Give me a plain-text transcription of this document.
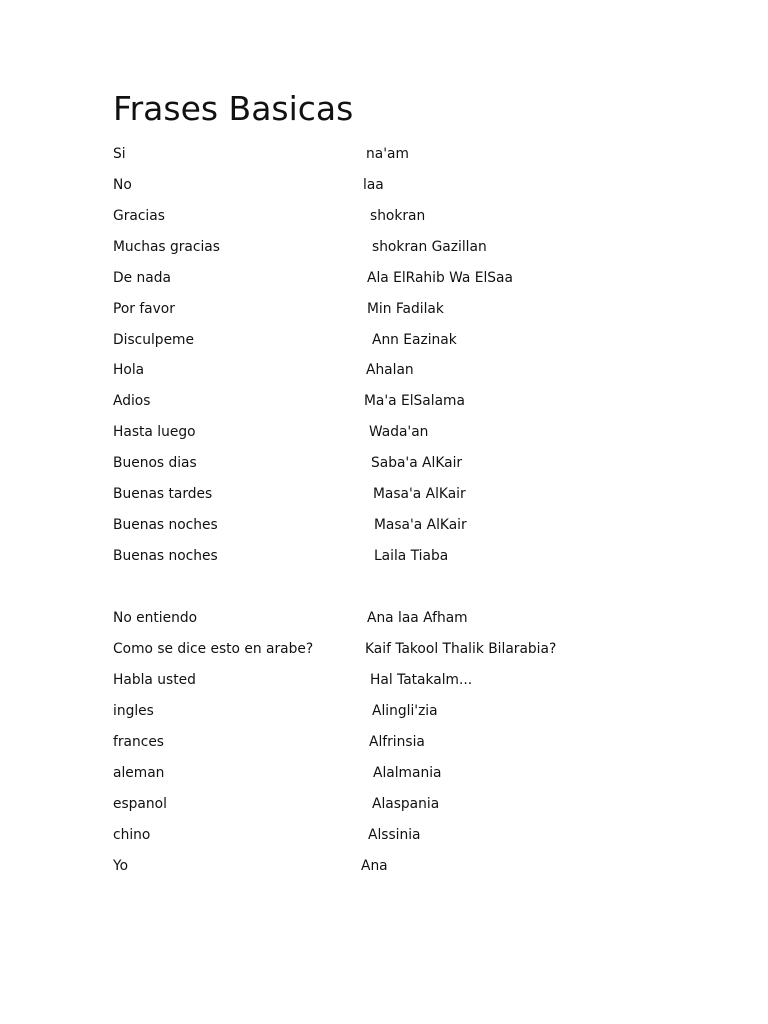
Frases Basicas
Si	na'am
No	laa
Gracias	shokran
Muchas gracias	shokran Gazillan
De nada	Ala ElRahib Wa ElSaa
Por favor	Min Fadilak
Disculpeme	Ann Eazinak
Hola	Ahalan
Adios	Ma'a ElSalama
Hasta luego	Wada'an
Buenos dias	Saba'a AlKair
Buenas tardes	Masa'a AlKair
Buenas noches	Masa'a AlKair
Buenas noches	Laila Tiaba
No entiendo	Ana laa Afham
Como se dice esto en arabe?	Kaif Takool Thalik Bilarabia?
Habla usted	Hal Tatakalm...
ingles	Alingli'zia
frances	Alfrinsia
aleman	Alalmania
espanol	Alaspania
chino	Alssinia
Yo	Ana
